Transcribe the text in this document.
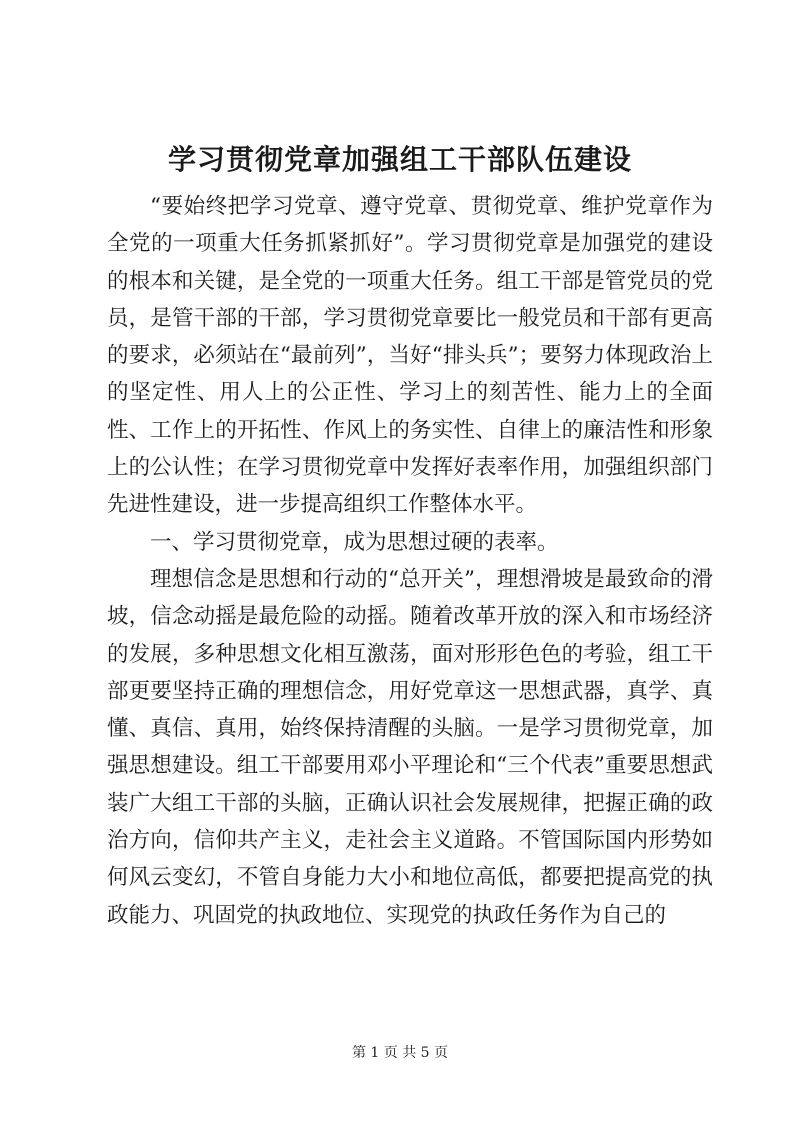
学习贯彻党章加强组工干部队伍建设

“要始终把学习党章、遵守党章、贯彻党章、维护党章作为全党的一项重大任务抓紧抓好”。学习贯彻党章是加强党的建设的根本和关键，是全党的一项重大任务。组工干部是管党员的党员，是管干部的干部，学习贯彻党章要比一般党员和干部有更高的要求，必须站在“最前列”，当好“排头兵”；要努力体现政治上的坚定性、用人上的公正性、学习上的刻苦性、能力上的全面性、工作上的开拓性、作风上的务实性、自律上的廉洁性和形象上的公认性；在学习贯彻党章中发挥好表率作用，加强组织部门先进性建设，进一步提高组织工作整体水平。

一、学习贯彻党章，成为思想过硬的表率。

理想信念是思想和行动的“总开关”，理想滑坡是最致命的滑坡，信念动摇是最危险的动摇。随着改革开放的深入和市场经济的发展，多种思想文化相互激荡，面对形形色色的考验，组工干部更要坚持正确的理想信念，用好党章这一思想武器，真学、真懂、真信、真用，始终保持清醒的头脑。一是学习贯彻党章，加强思想建设。组工干部要用邓小平理论和“三个代表”重要思想武装广大组工干部的头脑，正确认识社会发展规律，把握正确的政治方向，信仰共产主义，走社会主义道路。不管国际国内形势如何风云变幻，不管自身能力大小和地位高低，都要把提高党的执政能力、巩固党的执政地位、实现党的执政任务作为自己的

第 1 页 共 5 页
